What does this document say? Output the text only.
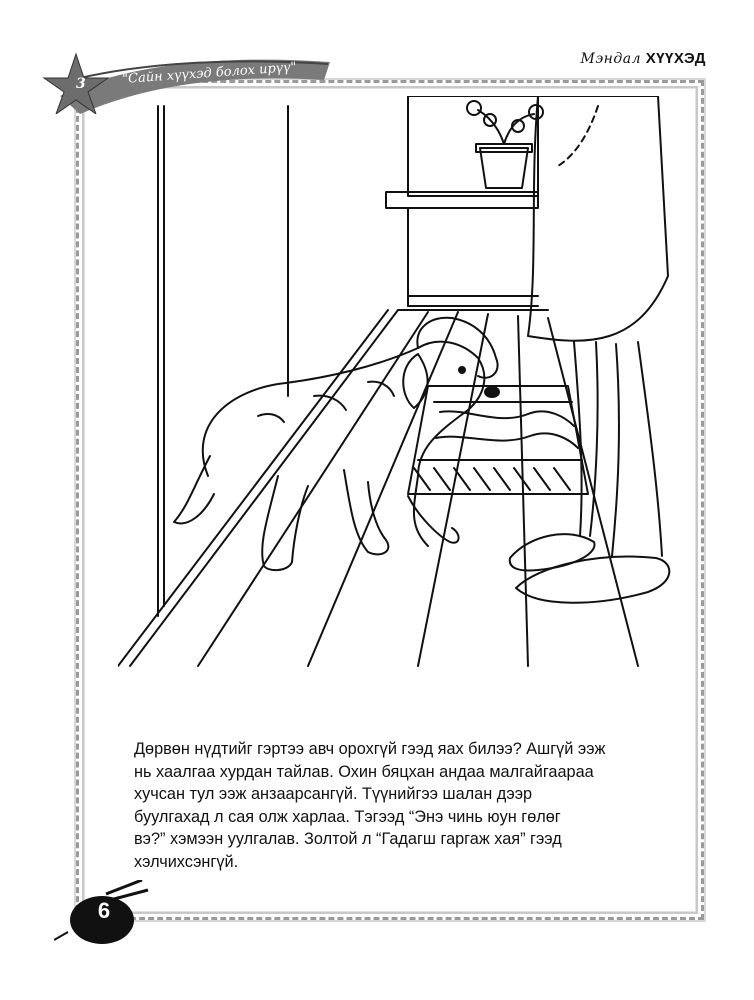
3	"Сайн хүүхэд болох ирүү"
Мэндал ХҮҮХЭД

Дөрвөн нүдтийг гэртээ авч орохгүй гээд яах билээ? Ашгүй ээж

нь хаалгаа хурдан тайлав. Охин бяцхан андаа малгайгаараа

хучсан тул ээж анзаарсангүй. Түүнийгээ шалан дээр

буулгахад л сая олж харлаа. Тэгээд “Энэ чинь юун гөлөг

вэ?” хэмээн уулгалав. Золтой л “Гадагш гаргаж хая” гээд

хэлчихсэнгүй.

6
